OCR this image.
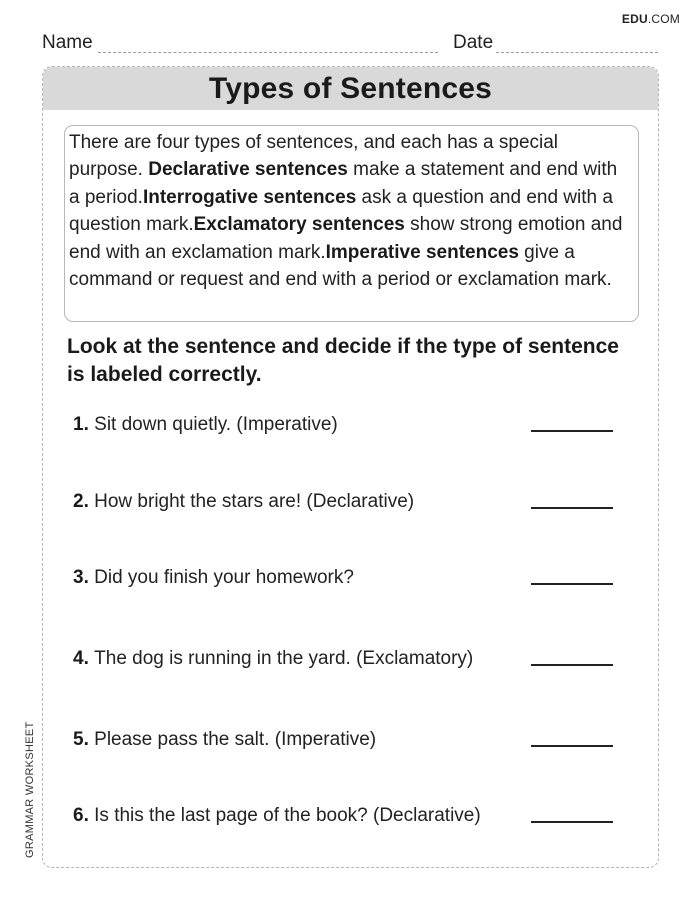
EDU.COM
Name	Date
GRAMMAR WORKSHEET
Types of Sentences
There are four types of sentences, and each has a special purpose. Declarative sentences make a statement and end with a period.Interrogative sentences ask a question and end with a question mark.Exclamatory sentences show strong emotion and end with an exclamation mark.Imperative sentences give a command or request and end with a period or exclamation mark.
Look at the sentence and decide if the type of sentence is labeled correctly.
1. Sit down quietly. (Imperative)
2. How bright the stars are! (Declarative)
3. Did you finish your homework?
4. The dog is running in the yard. (Exclamatory)
5. Please pass the salt. (Imperative)
6. Is this the last page of the book? (Declarative)
